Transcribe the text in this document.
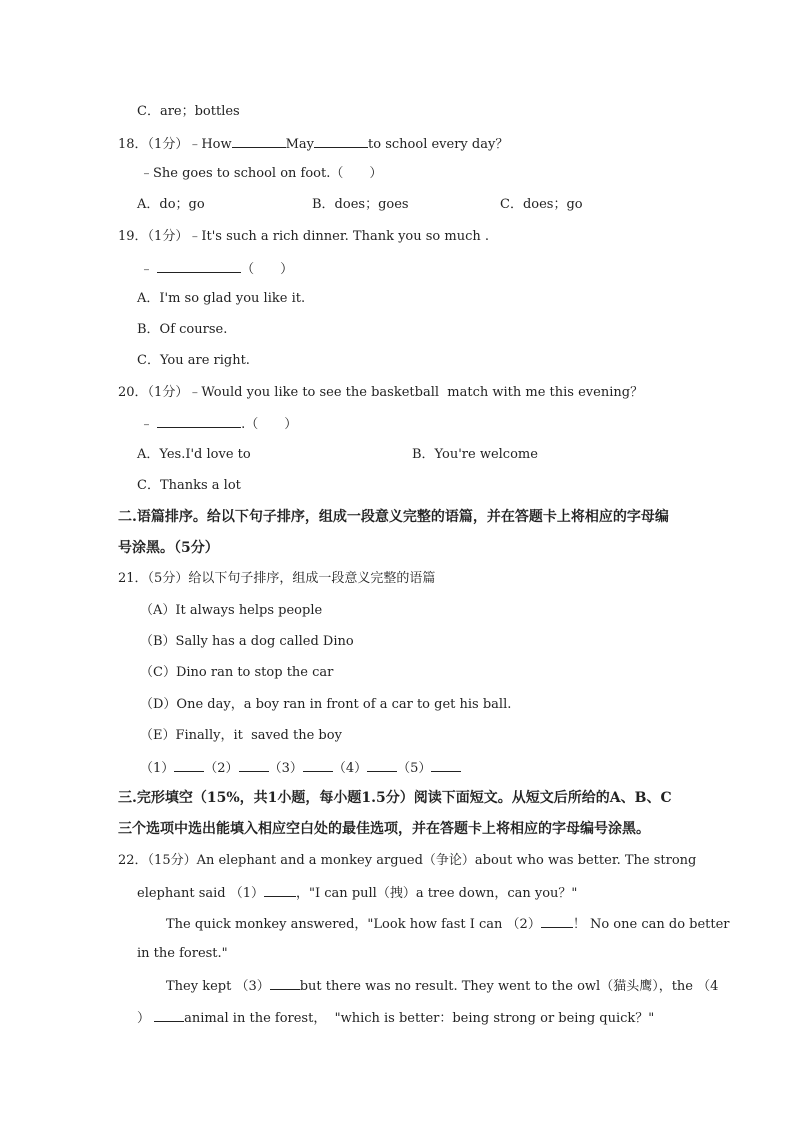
C．are；bottles
18．（1分）﹣How	May	to school every day？
﹣She goes to school on foot.（　　）
A．do；go	B．does；goes	C．does；go
19．（1分）﹣It's such a rich dinner. Thank you so much .
﹣	（　　）
A．I'm so glad you like it.
B．Of course.
C．You are right.
20．（1分）﹣Would you like to see the basketball  match with me this evening？
﹣	.（　　）
A．Yes.I'd love to	B．You're welcome
C．Thanks a lot
二.语篇排序。给以下句子排序，组成一段意义完整的语篇，并在答题卡上将相应的字母编
号涂黑。（5分）
21．（5分）给以下句子排序，组成一段意义完整的语篇
（A）It always helps people
（B）Sally has a dog called Dino
（C）Dino ran to stop the car
（D）One day，a boy ran in front of a car to get his ball.
（E）Finally，it  saved the boy
（1） （2） （3） （4） （5）
三.完形填空（15%，共1小题，每小题1.5分）阅读下面短文。从短文后所给的A、B、C
三个选项中选出能填入相应空白处的最佳选项，并在答题卡上将相应的字母编号涂黑。
22．（15分）An elephant and a monkey argued（争论）about who was better. The strong
elephant said （1） ，"I can pull（拽）a tree down，can you？"
The quick monkey answered，"Look how fast I can （2） ！ No one can do better
in the forest."
They kept （3） but there was no result. They went to the owl（猫头鹰），the （4
）	animal in the forest，  "which is better：being strong or being quick？"
